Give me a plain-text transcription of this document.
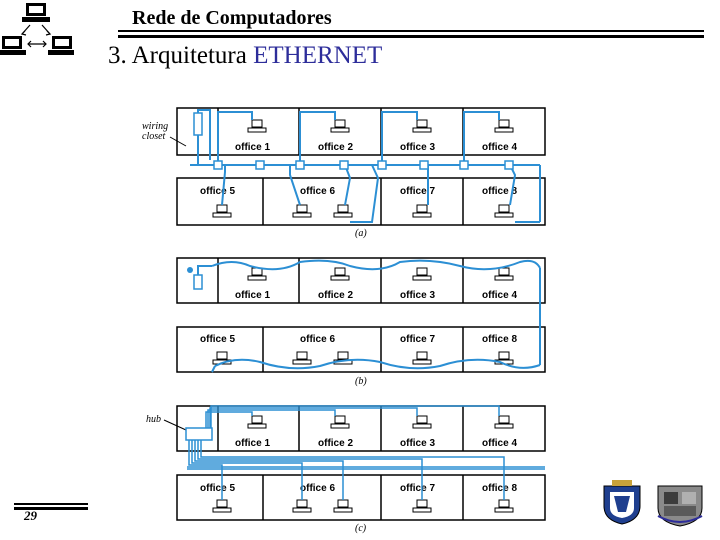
Rede de Computadores
3. Arquitetura ETHERNET
wiring
closet
office 1	office 2	office 3	office 4
office 5	office 6	office 7	office 8
(a)
office 1	office 2	office 3	office 4
office 5	office 6	office 7	office 8
(b)
hub
office 1	office 2	office 3	office 4
office 5	office 6	office 7	office 8
(c)
29
